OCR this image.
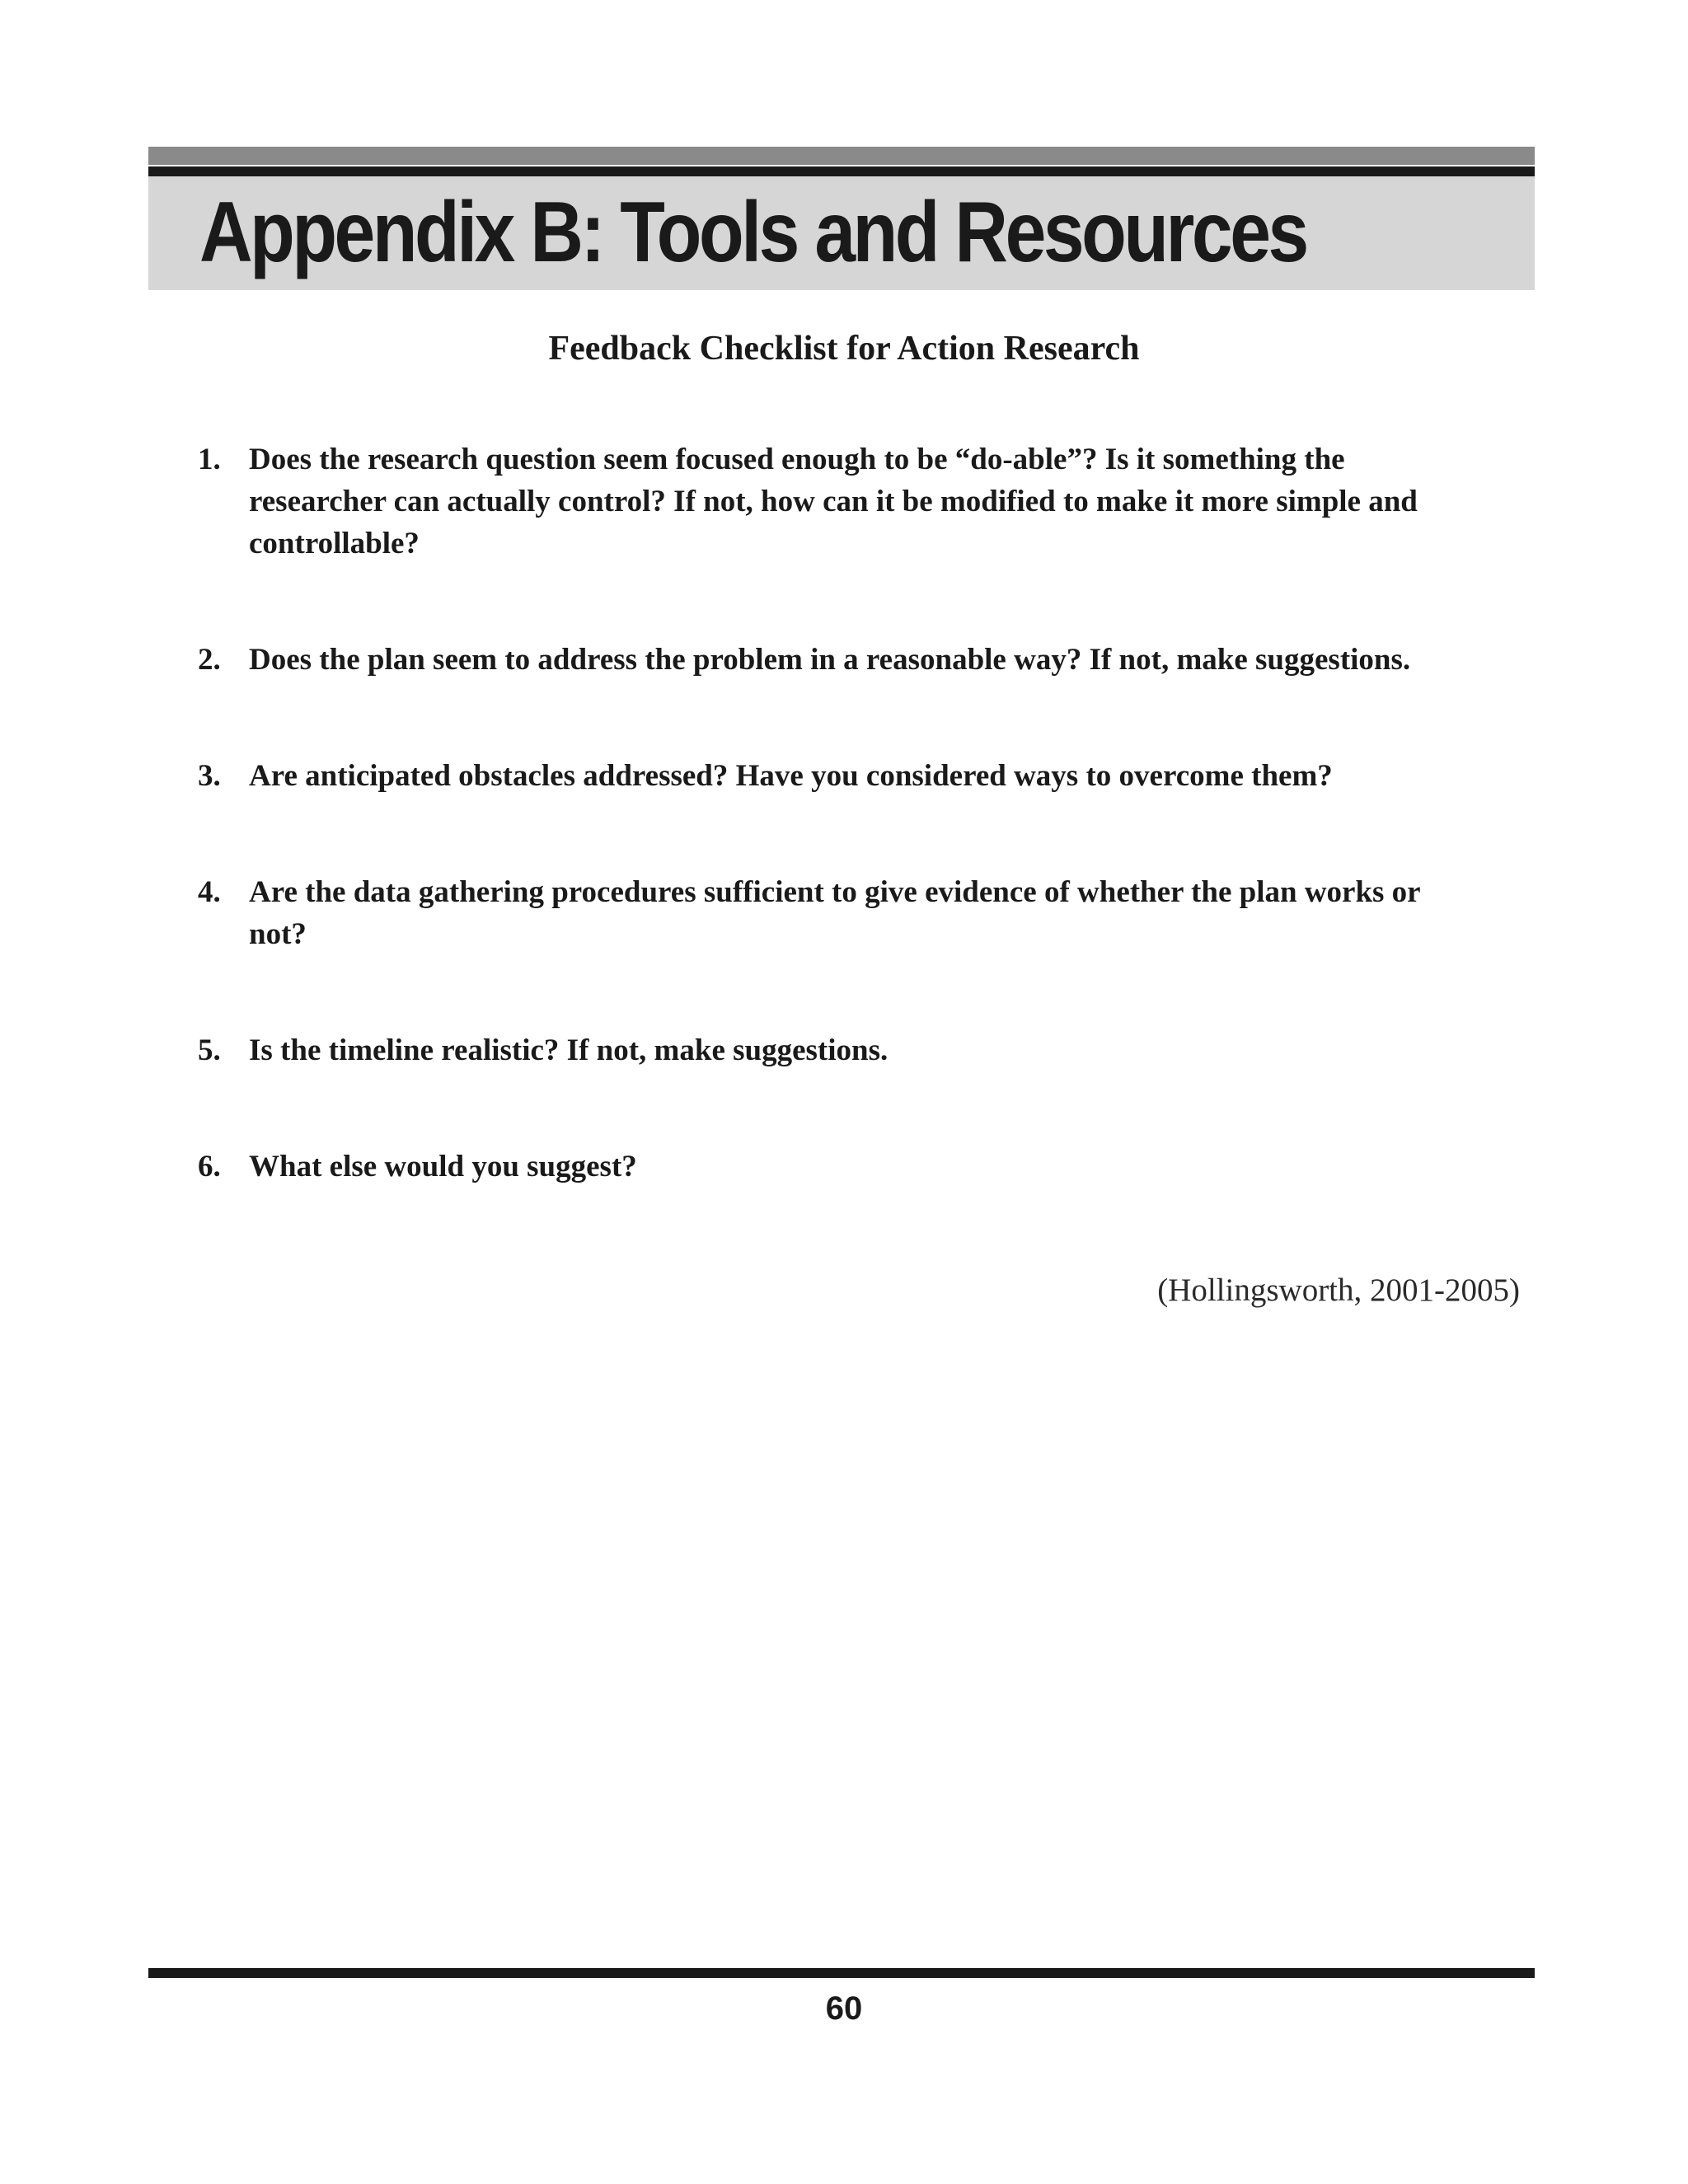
Appendix B: Tools and Resources
Feedback Checklist for Action Research
1. Does the research question seem focused enough to be “do-able”? Is it something the researcher can actually control? If not, how can it be modified to make it more simple and controllable?
2. Does the plan seem to address the problem in a reasonable way? If not, make suggestions.
3. Are anticipated obstacles addressed? Have you considered ways to overcome them?
4. Are the data gathering procedures sufficient to give evidence of whether the plan works or not?
5. Is the timeline realistic? If not, make suggestions.
6. What else would you suggest?

(Hollingsworth, 2001-2005)

60
